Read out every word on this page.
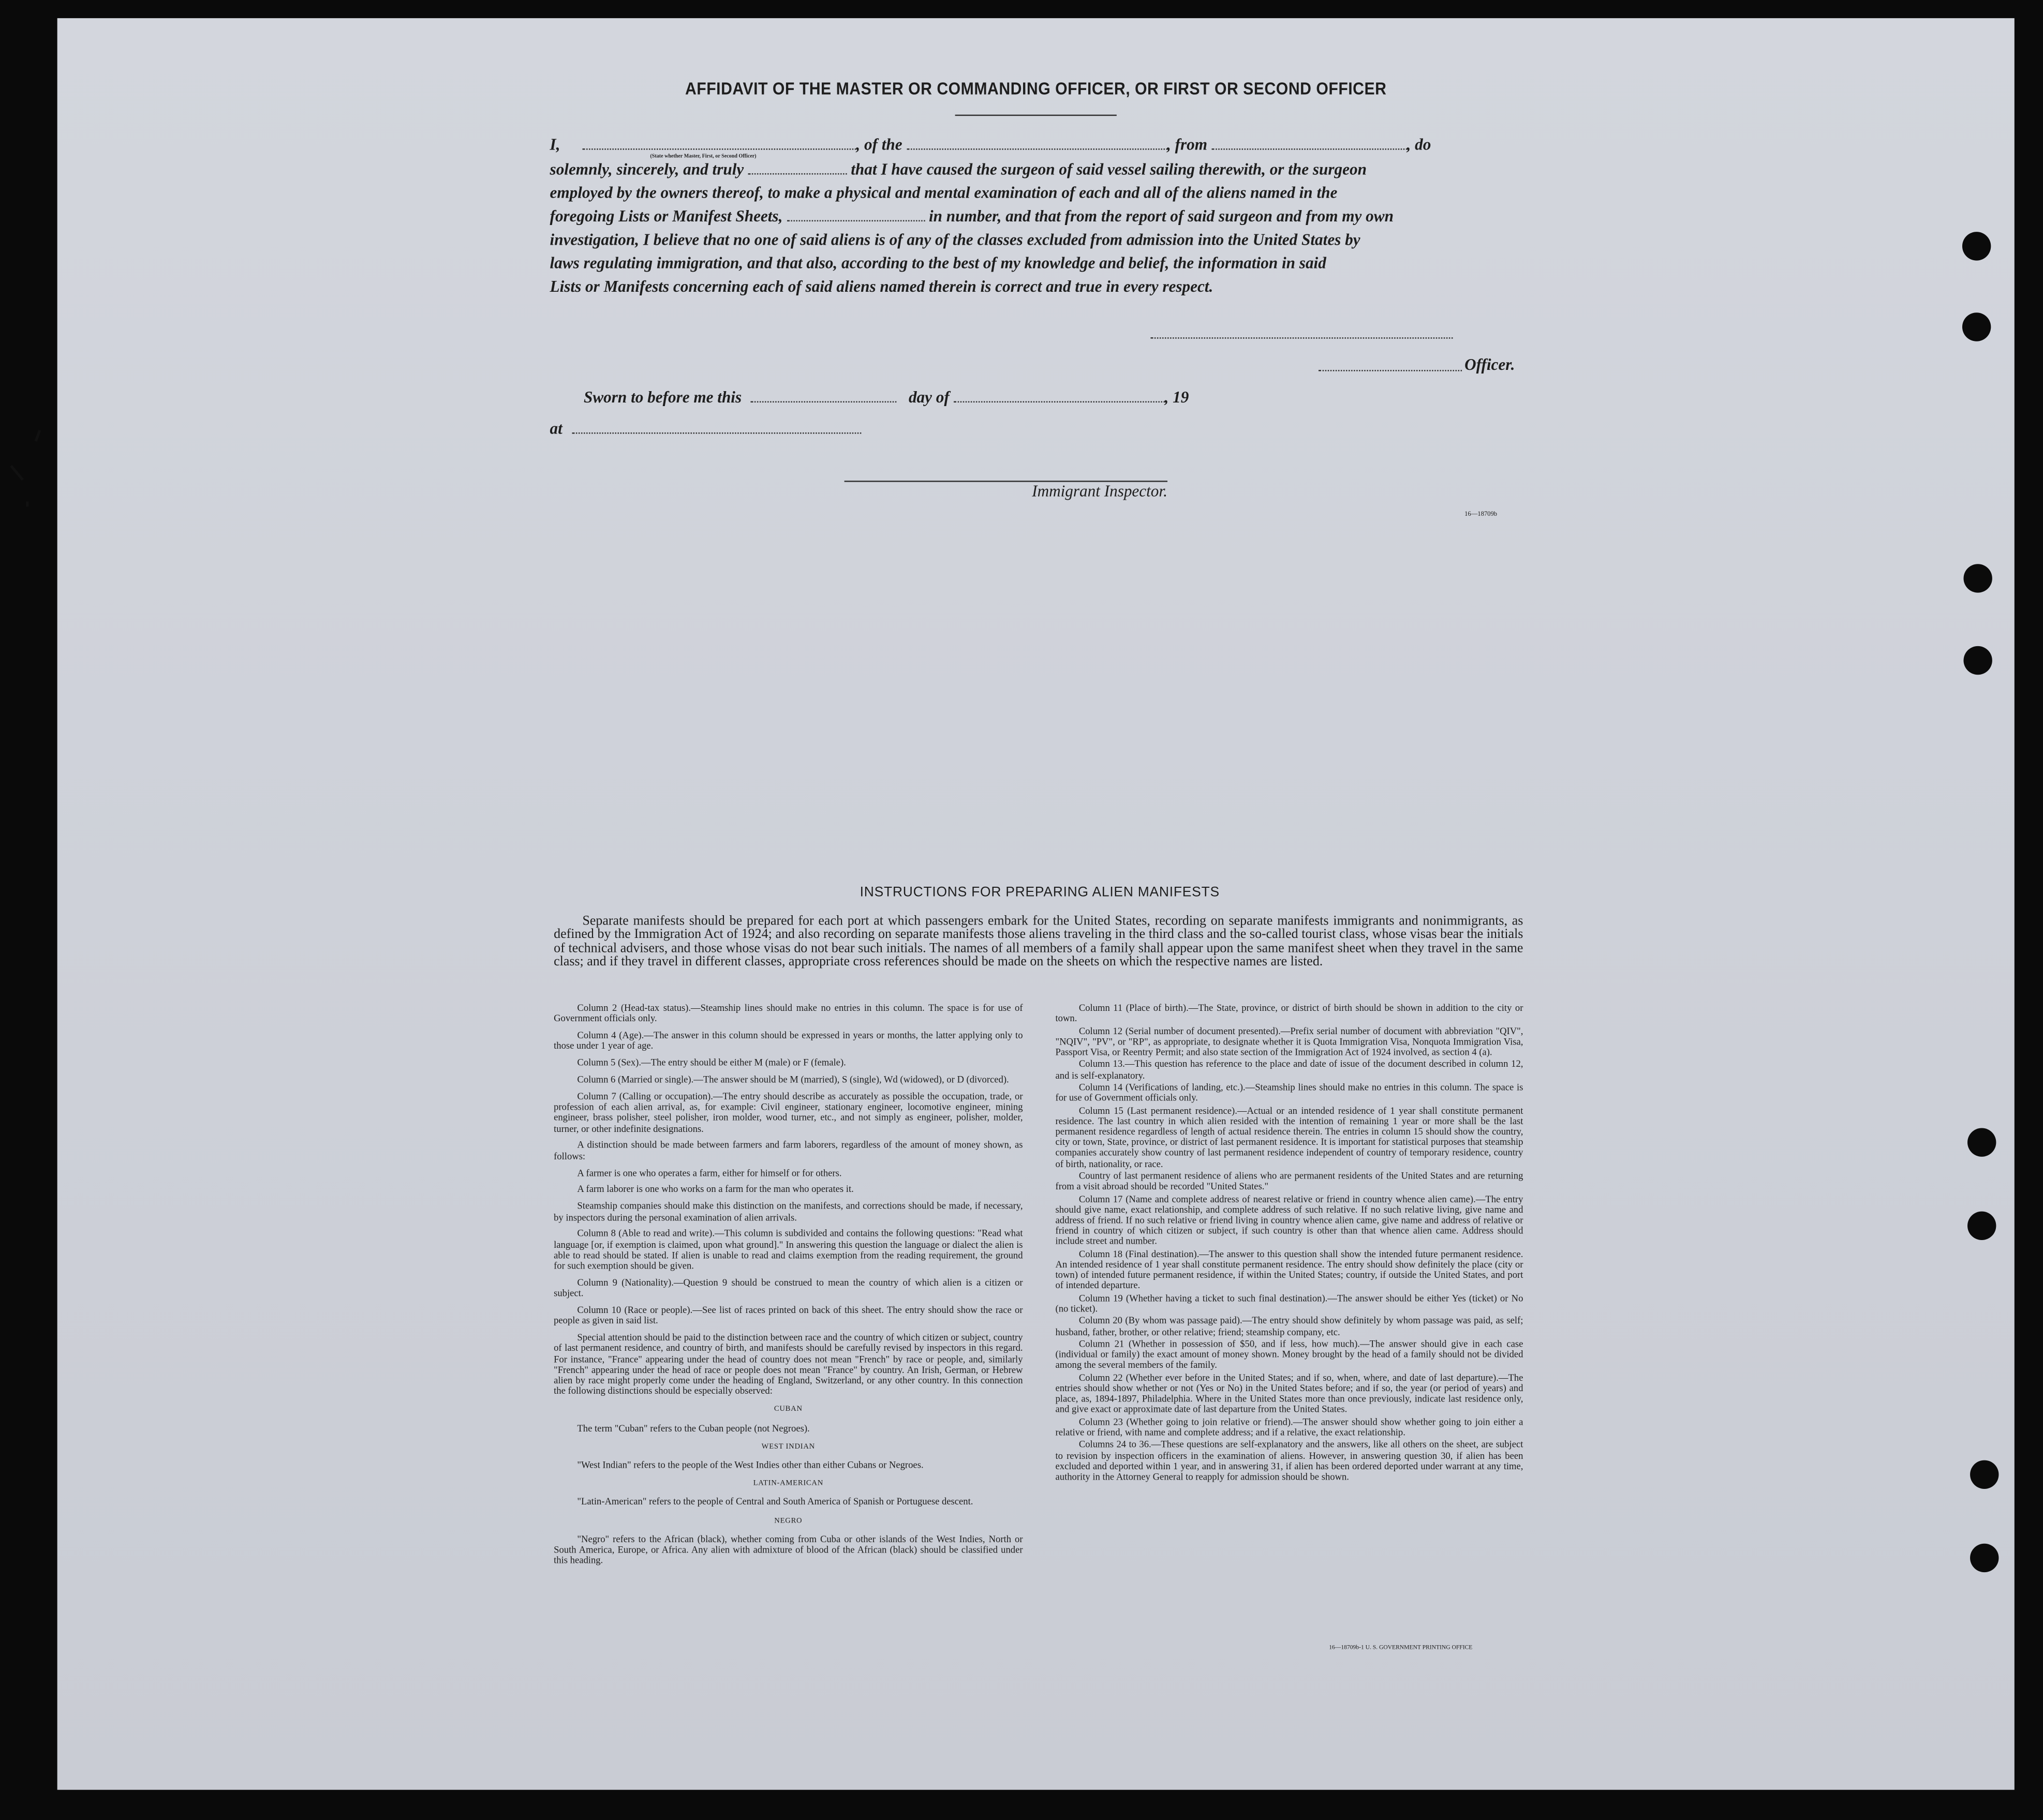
AFFIDAVIT OF THE MASTER OR COMMANDING OFFICER, OR FIRST OR SECOND OFFICER
I,	, of the	, from	, do
(State whether Master, First, or Second Officer)
solemnly, sincerely, and truly	that I have caused the surgeon of said vessel sailing therewith, or the surgeon
employed by the owners thereof, to make a physical and mental examination of each and all of the aliens named in the
foregoing Lists or Manifest Sheets,	in number, and that from the report of said surgeon and from my own
investigation, I believe that no one of said aliens is of any of the classes excluded from admission into the United States by
laws regulating immigration, and that also, according to the best of my knowledge and belief, the information in said
Lists or Manifests concerning each of said aliens named therein is correct and true in every respect.
Officer.
Sworn to before me this	day of	, 19
at
Immigrant Inspector.
16—18709b
INSTRUCTIONS FOR PREPARING ALIEN MANIFESTS
Separate manifests should be prepared for each port at which passengers embark for the United States, recording on separate manifests immigrants and nonimmigrants, as defined by the Immigration Act of 1924; and also recording on separate manifests those aliens traveling in the third class and the so-called tourist class, whose visas bear the initials of technical advisers, and those whose visas do not bear such initials. The names of all members of a family shall appear upon the same manifest sheet when they travel in the same class; and if they travel in different classes, appropriate cross references should be made on the sheets on which the respective names are listed.

Column 2 (Head-tax status).—Steamship lines should make no entries in this column. The space is for use of Government officials only.

Column 4 (Age).—The answer in this column should be expressed in years or months, the latter applying only to those under 1 year of age.

Column 5 (Sex).—The entry should be either M (male) or F (female).

Column 6 (Married or single).—The answer should be M (married), S (single), Wd (widowed), or D (divorced).

Column 7 (Calling or occupation).—The entry should describe as accurately as possible the occupation, trade, or profession of each alien arrival, as, for example: Civil engineer, stationary engineer, locomotive engineer, mining engineer, brass polisher, steel polisher, iron molder, wood turner, etc., and not simply as engineer, polisher, molder, turner, or other indefinite designations.

A distinction should be made between farmers and farm laborers, regardless of the amount of money shown, as follows:

A farmer is one who operates a farm, either for himself or for others.

A farm laborer is one who works on a farm for the man who operates it.

Steamship companies should make this distinction on the manifests, and corrections should be made, if necessary, by inspectors during the personal examination of alien arrivals.

Column 8 (Able to read and write).—This column is subdivided and contains the following questions: "Read what language [or, if exemption is claimed, upon what ground]." In answering this question the language or dialect the alien is able to read should be stated. If alien is unable to read and claims exemption from the reading requirement, the ground for such exemption should be given.

Column 9 (Nationality).—Question 9 should be construed to mean the country of which alien is a citizen or subject.

Column 10 (Race or people).—See list of races printed on back of this sheet. The entry should show the race or people as given in said list.

Special attention should be paid to the distinction between race and the country of which citizen or subject, country of last permanent residence, and country of birth, and manifests should be carefully revised by inspectors in this regard. For instance, "France" appearing under the head of country does not mean "French" by race or people, and, similarly "French" appearing under the head of race or people does not mean "France" by country. An Irish, German, or Hebrew alien by race might properly come under the heading of England, Switzerland, or any other country. In this connection the following distinctions should be especially observed:

CUBAN

The term "Cuban" refers to the Cuban people (not Negroes).

WEST INDIAN

"West Indian" refers to the people of the West Indies other than either Cubans or Negroes.

LATIN-AMERICAN

"Latin-American" refers to the people of Central and South America of Spanish or Portuguese descent.

NEGRO

"Negro" refers to the African (black), whether coming from Cuba or other islands of the West Indies, North or South America, Europe, or Africa. Any alien with admixture of blood of the African (black) should be classified under this heading.

Column 11 (Place of birth).—The State, province, or district of birth should be shown in addition to the city or town.

Column 12 (Serial number of document presented).—Prefix serial number of document with abbreviation "QIV", "NQIV", "PV", or "RP", as appropriate, to designate whether it is Quota Immigration Visa, Nonquota Immigration Visa, Passport Visa, or Reentry Permit; and also state section of the Immigration Act of 1924 involved, as section 4 (a).

Column 13.—This question has reference to the place and date of issue of the document described in column 12, and is self-explanatory.

Column 14 (Verifications of landing, etc.).—Steamship lines should make no entries in this column. The space is for use of Government officials only.

Column 15 (Last permanent residence).—Actual or an intended residence of 1 year shall constitute permanent residence. The last country in which alien resided with the intention of remaining 1 year or more shall be the last permanent residence regardless of length of actual residence therein. The entries in column 15 should show the country, city or town, State, province, or district of last permanent residence. It is important for statistical purposes that steamship companies accurately show country of last permanent residence independent of country of temporary residence, country of birth, nationality, or race.

Country of last permanent residence of aliens who are permanent residents of the United States and are returning from a visit abroad should be recorded "United States."

Column 17 (Name and complete address of nearest relative or friend in country whence alien came).—The entry should give name, exact relationship, and complete address of such relative. If no such relative living, give name and address of friend. If no such relative or friend living in country whence alien came, give name and address of relative or friend in country of which citizen or subject, if such country is other than that whence alien came. Address should include street and number.

Column 18 (Final destination).—The answer to this question shall show the intended future permanent residence. An intended residence of 1 year shall constitute permanent residence. The entry should show definitely the place (city or town) of intended future permanent residence, if within the United States; country, if outside the United States, and port of intended departure.

Column 19 (Whether having a ticket to such final destination).—The answer should be either Yes (ticket) or No (no ticket).

Column 20 (By whom was passage paid).—The entry should show definitely by whom passage was paid, as self; husband, father, brother, or other relative; friend; steamship company, etc.

Column 21 (Whether in possession of $50, and if less, how much).—The answer should give in each case (individual or family) the exact amount of money shown. Money brought by the head of a family should not be divided among the several members of the family.

Column 22 (Whether ever before in the United States; and if so, when, where, and date of last departure).—The entries should show whether or not (Yes or No) in the United States before; and if so, the year (or period of years) and place, as, 1894-1897, Philadelphia. Where in the United States more than once previously, indicate last residence only, and give exact or approximate date of last departure from the United States.

Column 23 (Whether going to join relative or friend).—The answer should show whether going to join either a relative or friend, with name and complete address; and if a relative, the exact relationship.

Columns 24 to 36.—These questions are self-explanatory and the answers, like all others on the sheet, are subject to revision by inspection officers in the examination of aliens. However, in answering question 30, if alien has been excluded and deported within 1 year, and in answering 31, if alien has been ordered deported under warrant at any time, authority in the Attorney General to reapply for admission should be shown.

16—18709b-1 U. S. GOVERNMENT PRINTING OFFICE
